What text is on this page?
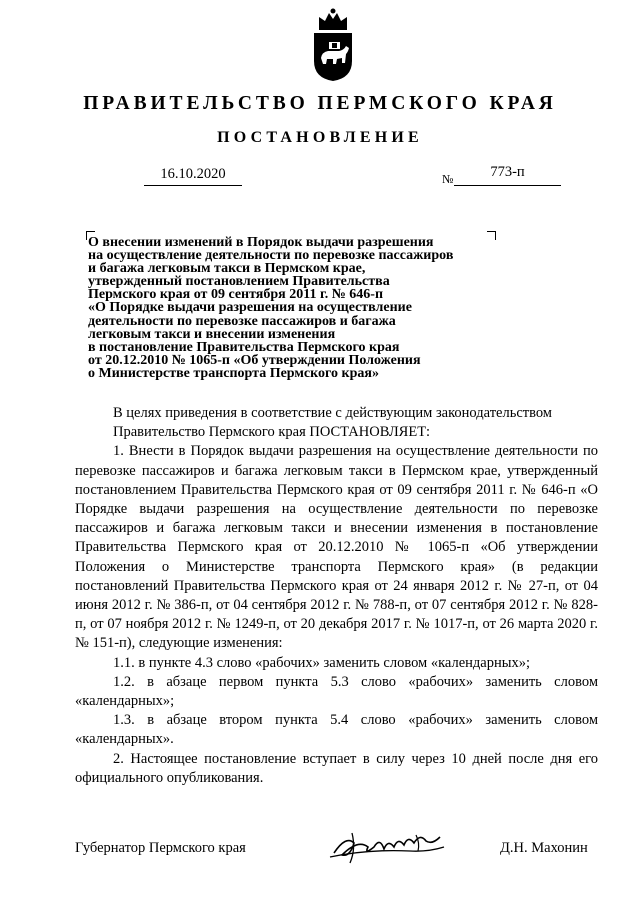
ПРАВИТЕЛЬСТВО ПЕРМСКОГО КРАЯ
ПОСТАНОВЛЕНИЕ
16.10.2020	№	773-п
О внесении изменений в Порядок выдачи разрешения
на осуществление деятельности по перевозке пассажиров
и багажа легковым такси в Пермском крае,
утвержденный постановлением Правительства
Пермского края от 09 сентября 2011 г. № 646-п
«О Порядке выдачи разрешения на осуществление
деятельности по перевозке пассажиров и багажа
легковым такси и внесении изменения
в постановление Правительства Пермского края
от 20.12.2010 № 1065-п «Об утверждении Положения
о Министерстве транспорта Пермского края»
В целях приведения в соответствие с действующим законодательством
Правительство Пермского края ПОСТАНОВЛЯЕТ:

1. Внести в Порядок выдачи разрешения на осуществление деятельности по перевозке пассажиров и багажа легковым такси в Пермском крае, утвержденный постановлением Правительства Пермского края от 09 сентября 2011 г. № 646-п «О Порядке выдачи разрешения на осуществление деятельности по перевозке пассажиров и багажа легковым такси и внесении изменения в постановление Правительства Пермского края от 20.12.2010 № 1065-п «Об утверждении Положения о Министерстве транспорта Пермского края» (в редакции постановлений Правительства Пермского края от 24 января 2012 г. № 27-п, от 04 июня 2012 г. № 386-п, от 04 сентября 2012 г. № 788-п, от 07 сентября 2012 г. № 828-п, от 07 ноября 2012 г. № 1249-п, от 20 декабря 2017 г. № 1017-п, от 26 марта 2020 г. № 151-п), следующие изменения:

1.1. в пункте 4.3 слово «рабочих» заменить словом «календарных»;

1.2. в абзаце первом пункта 5.3 слово «рабочих» заменить словом «календарных»;

1.3. в абзаце втором пункта 5.4 слово «рабочих» заменить словом «календарных».

2. Настоящее постановление вступает в силу через 10 дней после дня его официального опубликования.

Губернатор Пермского края	Д.Н. Махонин
